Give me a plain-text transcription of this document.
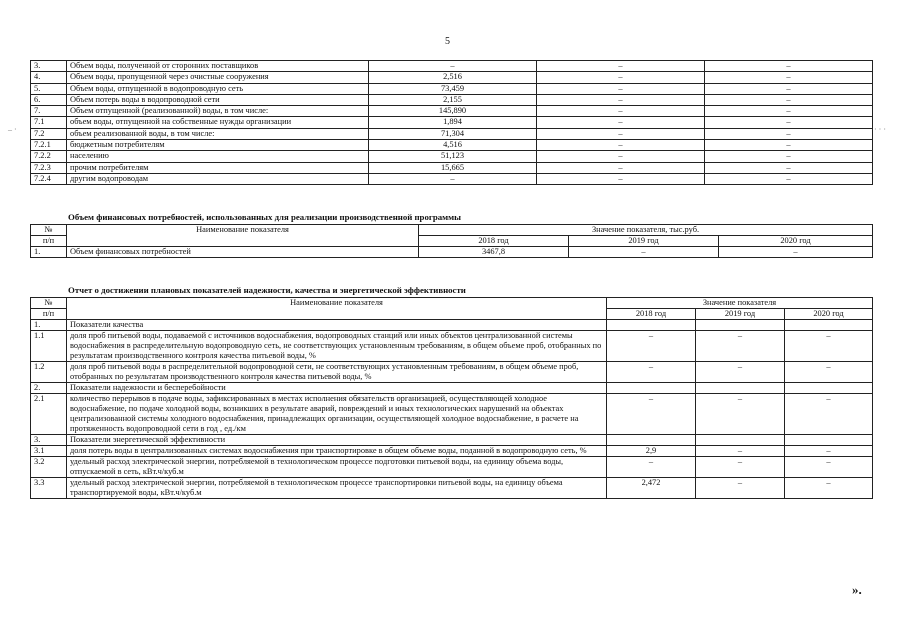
5
– ·	· · ·
3.	Объем воды, полученной от сторонних поставщиков	–	–	–
4.	Объем воды, пропущенной через очистные сооружения	2,516	–	–
5.	Объем воды, отпущенной в водопроводную сеть	73,459	–	–
6.	Объем потерь воды в водопроводной сети	2,155	–	–
7.	Объем отпущенной (реализованной) воды, в том числе:	145,890	–	–
7.1	объем воды, отпущенной на собственные нужды организации	1,894	–	–
7.2	объем реализованной воды, в том числе:	71,304	–	–
7.2.1	бюджетным потребителям	4,516	–	–
7.2.2	населению	51,123	–	–
7.2.3	прочим потребителям	15,665	–	–
7.2.4	другим водопроводам	–	–	–
Объем финансовых потребностей, использованных для реализации производственной программы
№	Наименование показателя	Значение показателя, тыс.руб.		
п/п		2018 год	2019 год	2020 год
1.	Объем финансовых потребностей	3467,8	–	–
Отчет о достижении плановых показателей надежности, качества и энергетической эффективности
№	Наименование показателя	Значение показателя		
п/п		2018 год	2019 год	2020 год
1.	Показатели качества			
1.1	доля проб питьевой воды, подаваемой с источников водоснабжения, водопроводных станций или иных объектов централизованной системы водоснабжения в распределительную водопроводную сеть, не соответствующих установленным требованиям, в общем объеме проб, отобранных по результатам производственного контроля качества питьевой воды, %	–	–	–
1.2	доля проб питьевой воды в распределительной водопроводной сети, не соответствующих установленным требованиям, в общем объеме проб, отобранных по результатам производственного контроля качества питьевой воды, %	–	–	–
2.	Показатели надежности и бесперебойности			
2.1	количество перерывов в подаче воды, зафиксированных в местах исполнения обязательств организацией, осуществляющей холодное водоснабжение, по подаче холодной воды, возникших в результате аварий, повреждений и иных технологических нарушений на объектах централизованной системы холодного водоснабжения, принадлежащих организации, осуществляющей холодное водоснабжение, в расчете на протяженность водопроводной сети в год , ед./км	–	–	–
3.	Показатели энергетической эффективности			
3.1	доля потерь воды в централизованных системах водоснабжения при транспортировке в общем объеме воды, поданной в водопроводную сеть, %	2,9	–	–
3.2	удельный расход электрической энергии, потребляемой в технологическом процессе подготовки питьевой воды, на единицу объема воды, отпускаемой в сеть, кВт.ч/куб.м	–	–	–
3.3	удельный расход электрической энергии, потребляемой в технологическом процессе транспортировки питьевой воды, на единицу объема транспортируемой воды, кВт.ч/куб.м	2,472	–	–
».
